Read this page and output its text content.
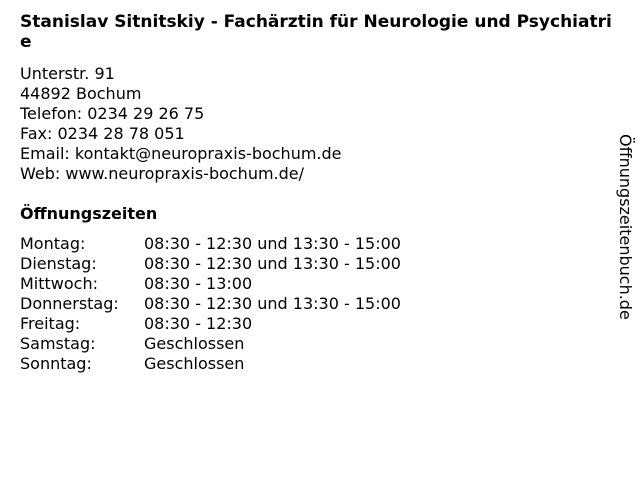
Stanislav Sitnitskiy - Fachärztin für Neurologie und Psychiatrie
Unterstr. 91
44892 Bochum
Telefon: 0234 29 26 75
Fax: 0234 28 78 051
Email: kontakt@neuropraxis-bochum.de
Web: www.neuropraxis-bochum.de/
Öffnungszeiten
Montag:	08:30 - 12:30 und 13:30 - 15:00
Dienstag:	08:30 - 12:30 und 13:30 - 15:00
Mittwoch:	08:30 - 13:00
Donnerstag:	08:30 - 12:30 und 13:30 - 15:00
Freitag:	08:30 - 12:30
Samstag:	Geschlossen
Sonntag:	Geschlossen
Öffnungszeitenbuch.de
